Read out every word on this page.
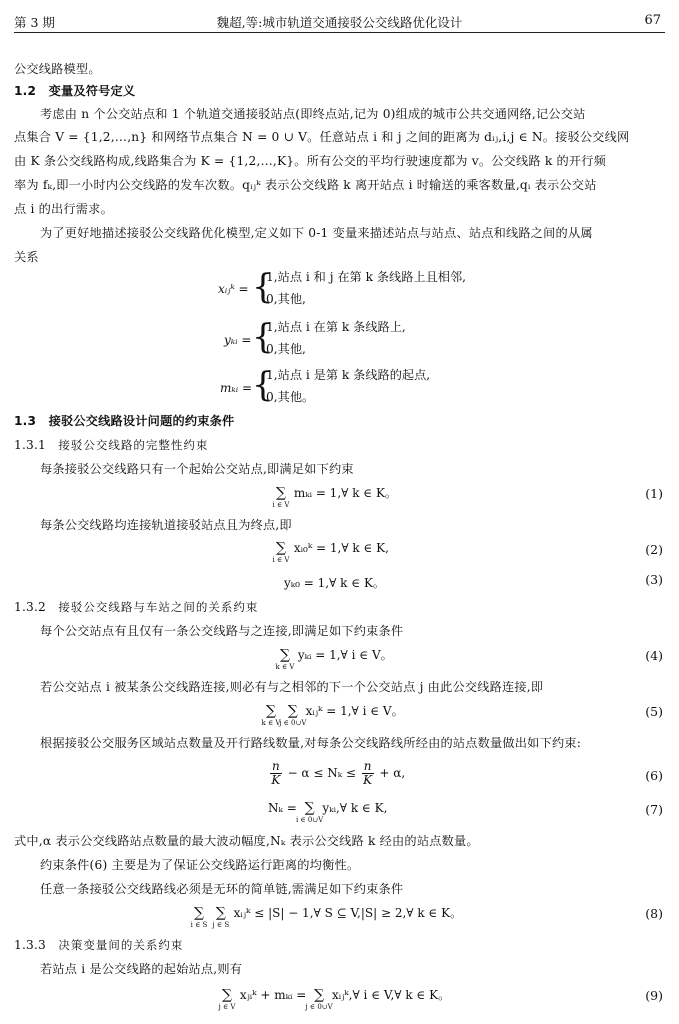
第 3 期	魏超,等:城市轨道交通接驳公交线路优化设计	67
公交线路模型。
1.2　变量及符号定义
考虑由 n 个公交站点和 1 个轨道交通接驳站点(即终点站,记为 0)组成的城市公共交通网络,记公交站
点集合 V = {1,2,…,n} 和网络节点集合 N = 0 ∪ V。任意站点 i 和 j 之间的距离为 dᵢⱼ,i,j ∈ N。接驳公交线网
由 K 条公交线路构成,线路集合为 K = {1,2,…,K}。所有公交的平均行驶速度都为 v。公交线路 k 的开行频
率为 fₖ,即一小时内公交线路的发车次数。qᵢⱼᵏ 表示公交线路 k 离开站点 i 时输送的乘客数量,qᵢ 表示公交站
点 i 的出行需求。
为了更好地描述接驳公交线路优化模型,定义如下 0-1 变量来描述站点与站点、站点和线路之间的从属
关系
xᵢⱼᵏ = {
1,站点 i 和 j 在第 k 条线路上且相邻,
0,其他,
yₖᵢ = {
1,站点 i 在第 k 条线路上,
0,其他,
mₖᵢ = {
1,站点 i 是第 k 条线路的起点,
0,其他。
1.3　接驳公交线路设计问题的约束条件
1.3.1　 接驳公交线路的完整性约束
每条接驳公交线路只有一个起始公交站点,即满足如下约束
∑
i ∈ V
mₖᵢ = 1,∀ k ∈ K。	(1)
每条公交线路均连接轨道接驳站点且为终点,即
∑
i ∈ V
xᵢ₀ᵏ = 1,∀ k ∈ K,	(2)
yₖ₀ = 1,∀ k ∈ K。	(3)
1.3.2　 接驳公交线路与车站之间的关系约束
每个公交站点有且仅有一条公交线路与之连接,即满足如下约束条件
∑
k ∈ V
yₖᵢ = 1,∀ i ∈ V。	(4)
若公交站点 i 被某条公交线路连接,则必有与之相邻的下一个公交站点 j 由此公交线路连接,即
∑
k ∈ V
∑
j ∈ 0∪V
xᵢⱼᵏ = 1,∀ i ∈ V。	(5)
根据接驳公交服务区域站点数量及开行路线数量,对每条公交线路线所经由的站点数量做出如下约束:
$\frac{n}{K} - \alpha \le N_k \le \frac{n}{K} + \alpha$,	(6)
Nₖ = ∑
i ∈ 0∪V
yₖᵢ,∀ k ∈ K,	(7)
式中,α 表示公交线路站点数量的最大波动幅度,Nₖ 表示公交线路 k 经由的站点数量。
约束条件(6) 主要是为了保证公交线路运行距离的均衡性。
任意一条接驳公交线路线必须是无环的简单链,需满足如下约束条件
∑
i ∈ S
∑
j ∈ S
xᵢⱼᵏ ≤ |S| − 1,∀ S ⊆ V,|S| ≥ 2,∀ k ∈ K。	(8)
1.3.3　 决策变量间的关系约束
若站点 i 是公交线路的起始站点,则有
∑
j ∈ V
xⱼᵢᵏ + mₖᵢ = ∑
j ∈ 0∪V
xᵢⱼᵏ,∀ i ∈ V,∀ k ∈ K。	(9)
